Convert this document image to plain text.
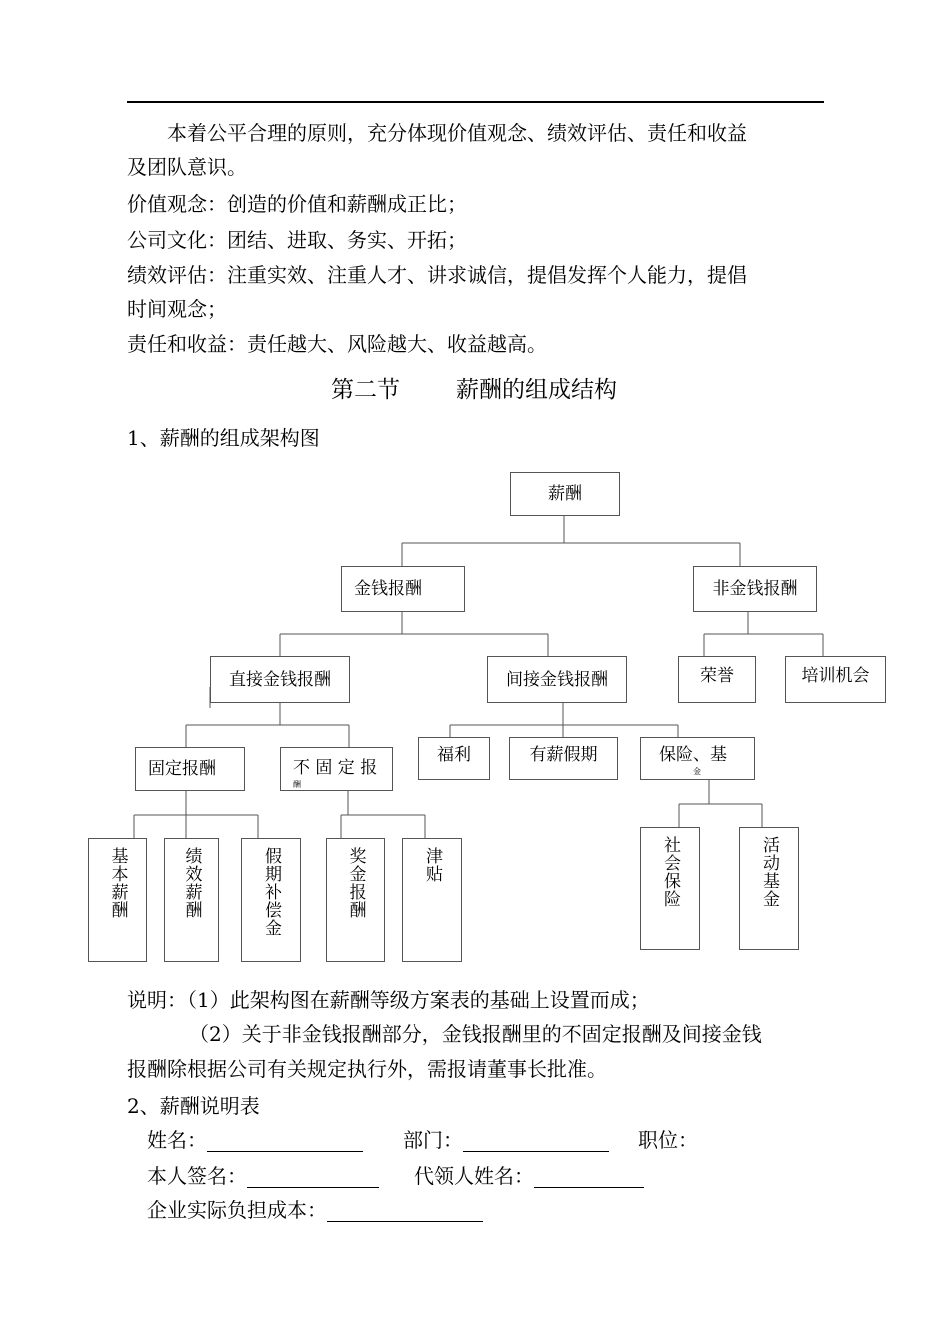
本着公平合理的原则，充分体现价值观念、绩效评估、责任和收益
及团队意识。
价值观念：创造的价值和薪酬成正比；
公司文化：团结、进取、务实、开拓；
绩效评估：注重实效、注重人才、讲求诚信，提倡发挥个人能力，提倡
时间观念；
责任和收益：责任越大、风险越大、收益越高。
第二节 薪酬的组成结构
1、薪酬的组成架构图
薪酬
金钱报酬	非金钱报酬
直接金钱报酬	间接金钱报酬	荣誉	培训机会
固定报酬	不 固 定 报
酬
福利	有薪假期	保险、基
金
基本薪酬	绩效薪酬	假期补偿金	奖金报酬	津贴	社会保险	活动基金
说明：（1）此架构图在薪酬等级方案表的基础上设置而成；
（2）关于非金钱报酬部分，金钱报酬里的不固定报酬及间接金钱
报酬除根据公司有关规定执行外，需报请董事长批准。
2、薪酬说明表
姓名：	部门：	职位：
本人签名：	代领人姓名：
企业实际负担成本：
